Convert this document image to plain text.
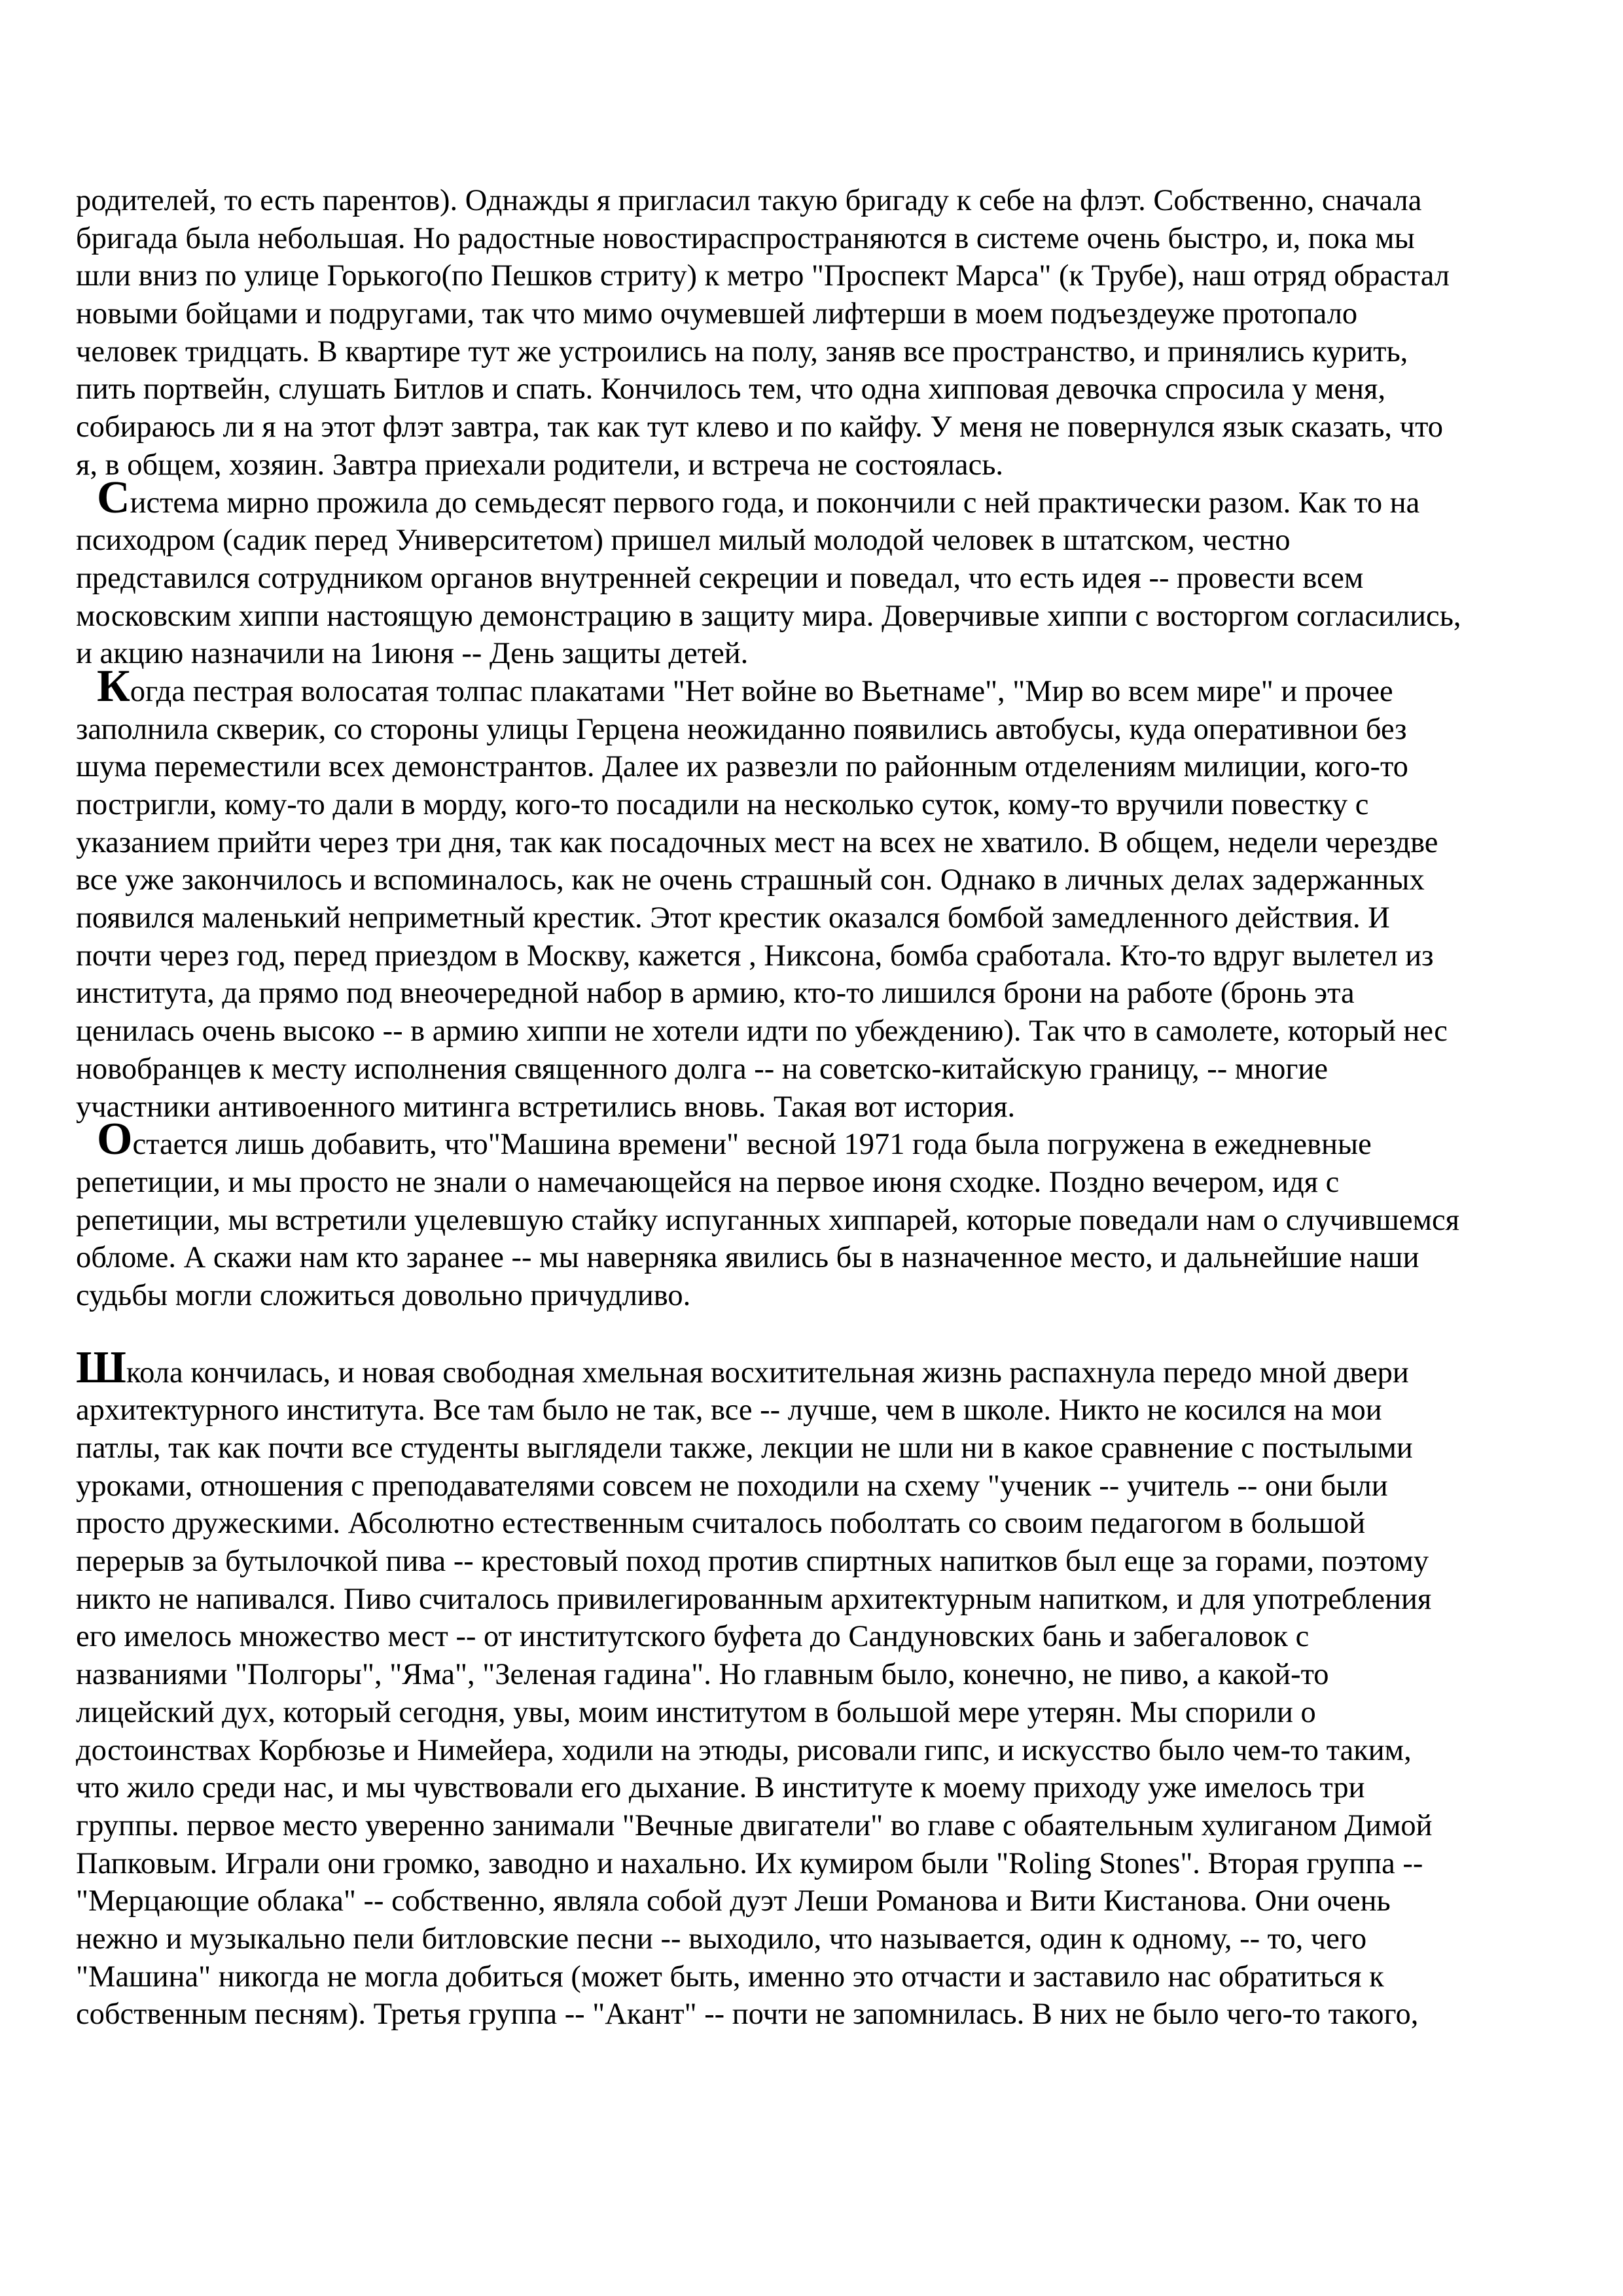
родителей, то есть парентов). Однажды я пригласил такую бригаду к себе на флэт. Собственно, сначала
бригада была небольшая. Но радостные новостираспространяются в системе очень быстро, и, пока мы
шли вниз по улице Горького(по Пешков стриту) к метро "Проспект Марса" (к Трубе), наш отряд обрастал
новыми бойцами и подругами, так что мимо очумевшей лифтерши в моем подъездеуже протопало
человек тридцать. В квартире тут же устроились на полу, заняв все пространство, и принялись курить,
пить портвейн, слушать Битлов и спать. Кончилось тем, что одна хипповая девочка спросила у меня,
собираюсь ли я на этот флэт завтра, так как тут клево и по кайфу. У меня не повернулся язык сказать, что
я, в общем, хозяин. Завтра приехали родители, и встреча не состоялась.
Система мирно прожила до семьдесят первого года, и покончили с ней практически разом. Как то на
психодром (садик перед Университетом) пришел милый молодой человек в штатском, честно
представился сотрудником органов внутренней секреции и поведал, что есть идея -- провести всем
московским хиппи настоящую демонстрацию в защиту мира. Доверчивые хиппи с восторгом согласились,
и акцию назначили на 1июня -- День защиты детей.
Когда пестрая волосатая толпас плакатами "Нет войне во Вьетнаме", "Мир во всем мире" и прочее
заполнила скверик, со стороны улицы Герцена неожиданно появились автобусы, куда оперативнои без
шума переместили всех демонстрантов. Далее их развезли по районным отделениям милиции, кого-то
постригли, кому-то дали в морду, кого-то посадили на несколько суток, кому-то вручили повестку с
указанием прийти через три дня, так как посадочных мест на всех не хватило. В общем, недели черездве
все уже закончилось и вспоминалось, как не очень страшный сон. Однако в личных делах задержанных
появился маленький неприметный крестик. Этот крестик оказался бомбой замедленного действия. И
почти через год, перед приездом в Москву, кажется , Никсона, бомба сработала. Кто-то вдруг вылетел из
института, да прямо под внеочередной набор в армию, кто-то лишился брони на работе (бронь эта
ценилась очень высоко -- в армию хиппи не хотели идти по убеждению). Так что в самолете, который нес
новобранцев к месту исполнения священного долга -- на советско-китайскую границу, -- многие
участники антивоенного митинга встретились вновь. Такая вот история.
Остается лишь добавить, что"Машина времени" весной 1971 года была погружена в ежедневные
репетиции, и мы просто не знали о намечающейся на первое июня сходке. Поздно вечером, идя с
репетиции, мы встретили уцелевшую стайку испуганных хиппарей, которые поведали нам о случившемся
обломе. А скажи нам кто заранее -- мы наверняка явились бы в назначенное место, и дальнейшие наши
судьбы могли сложиться довольно причудливо.
Школа кончилась, и новая свободная хмельная восхитительная жизнь распахнула передо мной двери
архитектурного института. Все там было не так, все -- лучше, чем в школе. Никто не косился на мои
патлы, так как почти все студенты выглядели также, лекции не шли ни в какое сравнение с постылыми
уроками, отношения с преподавателями совсем не походили на схему "ученик -- учитель -- они были
просто дружескими. Абсолютно естественным считалось поболтать со своим педагогом в большой
перерыв за бутылочкой пива -- крестовый поход против спиртных напитков был еще за горами, поэтому
никто не напивался. Пиво считалось привилегированным архитектурным напитком, и для употребления
его имелось множество мест -- от институтского буфета до Сандуновских бань и забегаловок с
названиями "Полгоры", "Яма", "Зеленая гадина". Но главным было, конечно, не пиво, а какой-то
лицейский дух, который сегодня, увы, моим институтом в большой мере утерян. Мы спорили о
достоинствах Корбюзье и Нимейера, ходили на этюды, рисовали гипс, и искусство было чем-то таким,
что жило среди нас, и мы чувствовали его дыхание. В институте к моему приходу уже имелось три
группы. первое место уверенно занимали "Вечные двигатели" во главе с обаятельным хулиганом Димой
Папковым. Играли они громко, заводно и нахально. Их кумиром были "Roling Stones". Вторая группа --
"Мерцающие облака" -- собственно, являла собой дуэт Леши Романова и Вити Кистанова. Они очень
нежно и музыкально пели битловские песни -- выходило, что называется, один к одному, -- то, чего
"Машина" никогда не могла добиться (может быть, именно это отчасти и заставило нас обратиться к
собственным песням). Третья группа -- "Акант" -- почти не запомнилась. В них не было чего-то такого,
